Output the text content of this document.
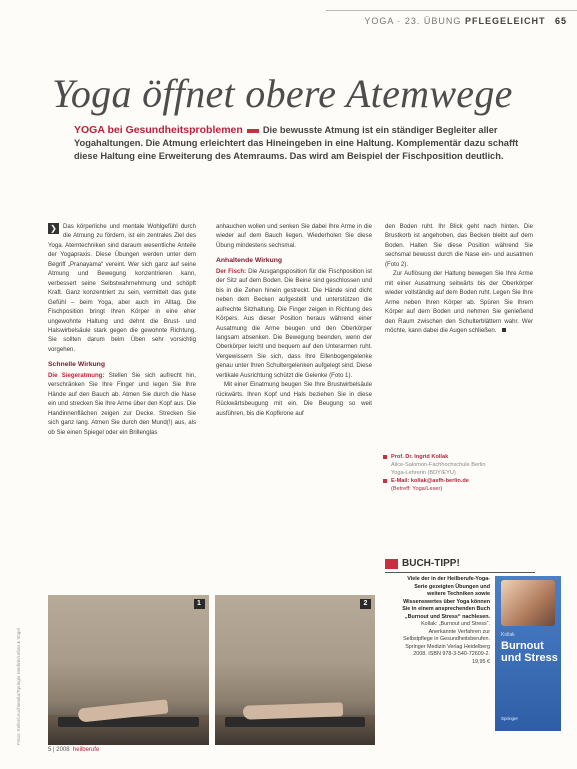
YOGA · 23. ÜBUNG PFLEGELEICHT 65
Yoga öffnet obere Atemwege
YOGA bei Gesundheitsproblemen Die bewusste Atmung ist ein ständiger Begleiter aller Yogahaltungen. Die Atmung erleichtert das Hineingeben in eine Haltung. Komplementär dazu schafft diese Haltung eine Erweiterung des Atemraums. Das wird am Beispiel der Fischposition deutlich.

❯	Das körperliche und mentale Wohlgefühl durch die Atmung zu fördern, ist ein zentrales Ziel des Yoga. Atemtechniken sind daraum wesentliche Anteile der Yogapraxis. Diese Übungen werden unter dem Begriff „Pranayama“ vereint. Wer sich ganz auf seine Atmung und Bewegung konzentrieren kann, verbessert seine Selbstwahrnehmung und schöpft Kraft. Ganz konzentriert zu sein, vermittelt das gute Gefühl – beim Yoga, aber auch im Alltag. Die Fischposition bringt Ihren Körper in eine eher ungewohnte Haltung und dehnt die Brust- und Halswirbelsäule stark gegen die gewohnte Richtung. Sie sollten darum beim Üben sehr vorsichtig vorgehen.

Schnelle Wirkung

Die Siegeratmung: Stellen Sie sich aufrecht hin, verschränken Sie Ihre Finger und legen Sie Ihre Hände auf den Bauch ab. Atmen Sie durch die Nase ein und strecken Sie Ihre Arme über den Kopf aus. Die Handinnenflächen zeigen zur Decke. Strecken Sie sich ganz lang. Atmen Sie durch den Mund(!) aus, als ob Sie einen Spiegel oder ein Brillenglas

anhauchen wollen und senken Sie dabei Ihre Arme in die wieder auf dem Bauch liegen. Wiederholen Sie diese Übung mindestens sechsmal.

Anhaltende Wirkung

Der Fisch: Die Ausgangsposition für die Fischposition ist der Sitz auf dem Boden. Die Beine sind geschlossen und bis in die Zehen hinein gestreckt. Die Hände sind dicht neben dem Becken aufgestellt und unterstützen die aufrechte Sitzhaltung. Die Finger zeigen in Richtung des Körpers. Aus dieser Position heraus während einer Ausatmung die Arme beugen und den Oberkörper langsam absenken. Die Bewegung beenden, wenn der Oberkörper leicht und bequem auf den Unterarmen ruht. Vergewissern Sie sich, dass Ihre Ellenbogengelenke genau unter Ihren Schultergelenken aufgelegt sind. Diese vertikale Ausrichtung schützt die Gelenke (Foto 1).

Mit einer Einatmung beugen Sie Ihre Brustwirbelsäule rückwärts. Ihren Kopf und Hals beziehen Sie in diese Rückwärtsbeugung mit ein. Die Beugung so weit ausführen, bis die Kopfkrone auf

den Boden ruht. Ihr Blick geht nach hinten. Die Brustkorb ist angehoben, das Becken bleibt auf dem Boden. Halten Sie diese Position während Sie sechsmal bewusst durch die Nase ein- und ausatmen (Foto 2).

Zur Auflösung der Haltung bewegen Sie Ihre Arme mit einer Ausatmung seitwärts bis der Oberkörper wieder vollständig auf dem Boden ruht. Legen Sie Ihre Arme neben Ihren Körper ab. Spüren Sie Ihrem Körper auf dem Boden und nehmen Sie genießend den Raum zwischen den Schulterblättern wahr. Wer möchte, kann dabei die Augen schließen.

Prof. Dr. Ingrid Kollak
Alice-Salomon-Fachhochschule Berlin
Yoga-Lehrerin (BDY/EYU)
E-Mail: kollak@asfh-berlin.de
(Betreff: Yoga/Leser)
BUCH-TIPP!
Viele der in der Heilberufe-Yoga-Serie gezeigten Übungen und weitere Techniken sowie Wissenswertes über Yoga können Sie in einem ansprechenden Buch „Burnout und Stress“ nachlesen.
Kollak: „Burnout und Stress“. Anerkannte Verfahren zur Selbstpflege in Gesundheitsberufen. Springer Medizin Verlag Heidelberg 2008. ISBN 978-3-540-72609-2. 19,95 €
Kollak
Burnout
und Stress
Springer
1	2
Fotos: Keller/Leuchtendur/Springer Medizin/Urban & Vogel
5 | 2008 heilberufe
